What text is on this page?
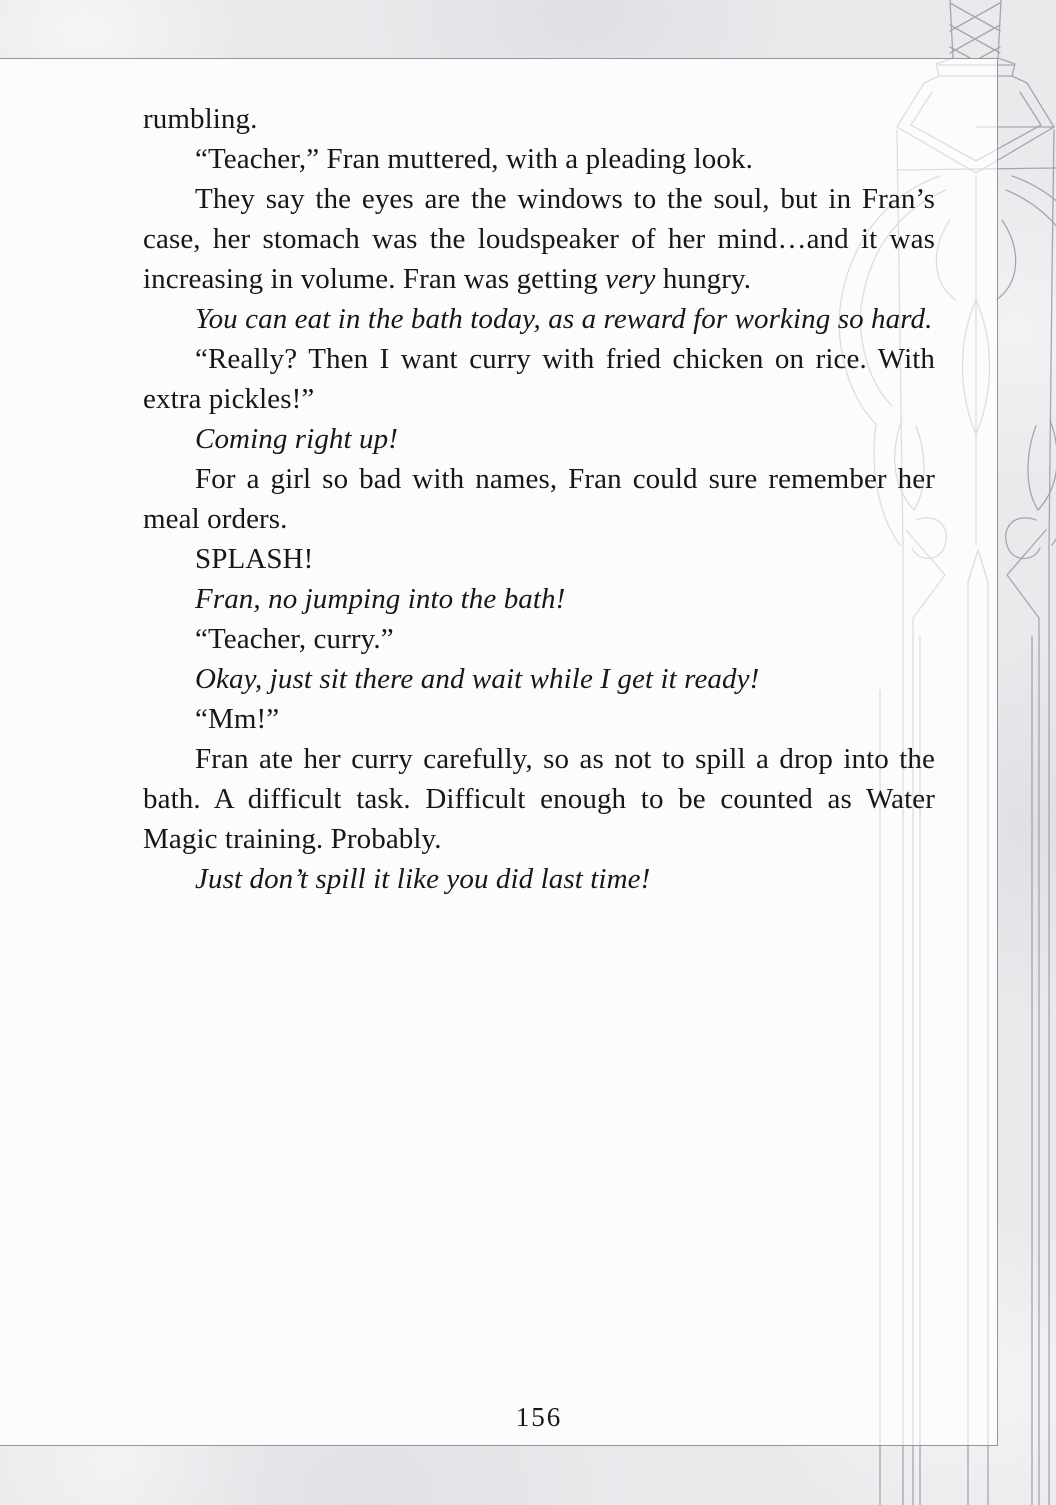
rumbling.

“Teacher,” Fran muttered, with a pleading look.

They say the eyes are the windows to the soul, but in Fran’s case, her stomach was the loudspeaker of her mind…and it was increasing in volume. Fran was getting very hungry.

You can eat in the bath today, as a reward for working so hard.

“Really? Then I want curry with fried chicken on rice. With extra pickles!”

Coming right up!

For a girl so bad with names, Fran could sure remember her meal orders.

SPLASH!

Fran, no jumping into the bath!

“Teacher, curry.”

Okay, just sit there and wait while I get it ready!

“Mm!”

Fran ate her curry carefully, so as not to spill a drop into the bath. A difficult task. Difficult enough to be counted as Water Magic training. Probably.

Just don’t spill it like you did last time!

156
